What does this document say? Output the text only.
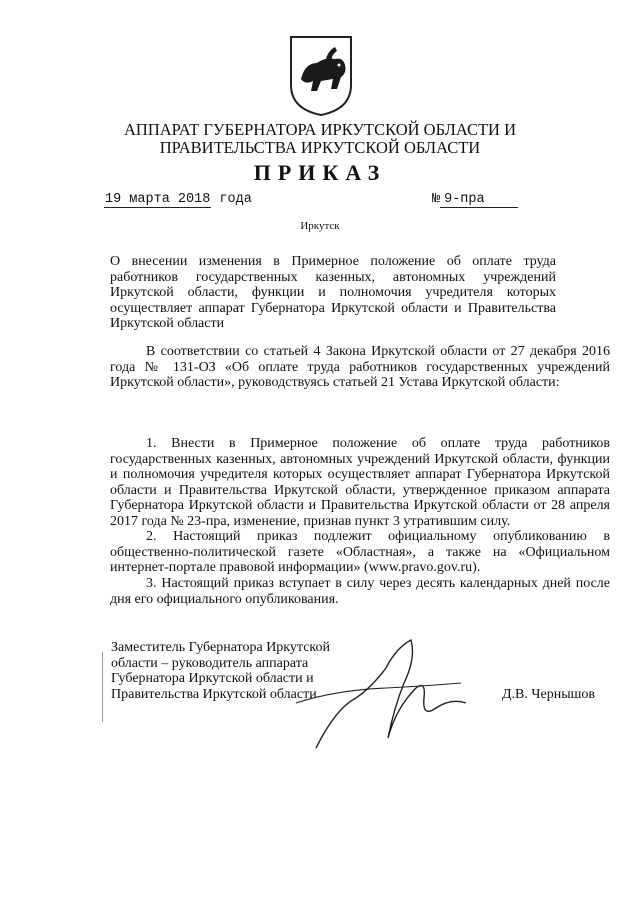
АППАРАТ ГУБЕРНАТОРА ИРКУТСКОЙ ОБЛАСТИ И
ПРАВИТЕЛЬСТВА ИРКУТСКОЙ ОБЛАСТИ
ПРИКАЗ
19 марта 2018 года	№ 9-пра
Иркутск
О внесении изменения в Примерное положение об оплате труда работников государственных казенных, автономных учреждений Иркутской области, функции и полномочия учредителя которых осуществляет аппарат Губернатора Иркутской области и Правительства Иркутской области
В соответствии со статьей 4 Закона Иркутской области от 27 декабря 2016 года № 131-ОЗ «Об оплате труда работников государственных учреждений Иркутской области», руководствуясь статьей 21 Устава Иркутской области:
1. Внести в Примерное положение об оплате труда работников государственных казенных, автономных учреждений Иркутской области, функции и полномочия учредителя которых осуществляет аппарат Губернатора Иркутской области и Правительства Иркутской области, утвержденное приказом аппарата Губернатора Иркутской области и Правительства Иркутской области от 28 апреля 2017 года № 23-пра, изменение, признав пункт 3 утратившим силу.
2. Настоящий приказ подлежит официальному опубликованию в общественно-политической газете «Областная», а также на «Официальном интернет-портале правовой информации» (www.pravo.gov.ru).
3. Настоящий приказ вступает в силу через десять календарных дней после дня его официального опубликования.
Заместитель Губернатора Иркутской
области – руководитель аппарата
Губернатора Иркутской области и
Правительства Иркутской области	Д.В. Чернышов
